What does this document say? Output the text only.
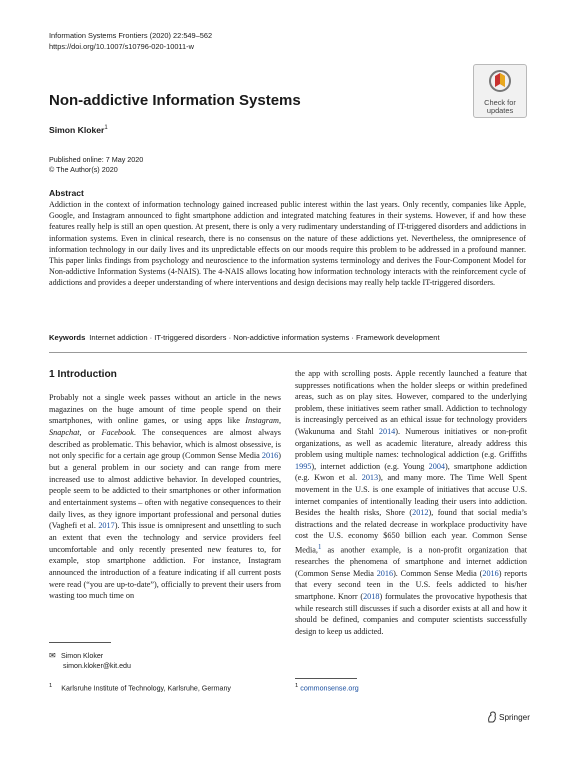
Information Systems Frontiers (2020) 22:549–562
https://doi.org/10.1007/s10796-020-10011-w
Check for
updates
Non-addictive Information Systems
Simon Kloker$^1$
Published online: 7 May 2020
© The Author(s) 2020
Abstract
Addiction in the context of information technology gained increased public interest within the last years. Only recently, companies like Apple, Google, and Instagram announced to fight smartphone addiction and integrated matching features in their systems. However, if and how these features really help is still an open question. At present, there is only a very rudimentary understanding of IT-triggered disorders and addictions in information systems. Even in clinical research, there is no consensus on the nature of these addictions yet. Nevertheless, the omnipresence of information technology in our daily lives and its unpredictable effects on our moods require this problem to be addressed in a profound manner. This paper links findings from psychology and neuroscience to the information systems terminology and derives the Four-Component Model for Non-addictive Information Systems (4-NAIS). The 4-NAIS allows locating how information technology interacts with the reinforcement cycle of addictions and provides a deeper understanding of where interventions and design decisions may really help tackle IT-triggered disorders.
Keywords Internet addiction · IT-triggered disorders · Non-addictive information systems · Framework development
1 Introduction
Probably not a single week passes without an article in the news magazines on the huge amount of time people spend on their smartphones, with online games, or using apps like Instagram, Snapchat, or Facebook. The consequences are almost always described as problematic. This behavior, which is almost obsessive, is not only specific for a certain age group (Common Sense Media 2016) but a general problem in our society and can range from mere increased use to almost addictive behavior. In developed countries, people seem to be addicted to their smartphones or other information and entertainment systems – often with negative consequences to their daily lives, as they ignore important professional and personal duties (Vaghefi et al. 2017). This issue is omnipresent and unsettling to such an extent that even the technology and service providers feel uncomfortable and only recently presented new features to, for example, stop smartphone addiction. For instance, Instagram announced the introduction of a feature indicating if all current posts were read (“you are up-to-date”), officially to prevent their users from wasting too much time on
the app with scrolling posts. Apple recently launched a feature that suppresses notifications when the holder sleeps or within predefined areas, such as on play sites. However, compared to the underlying problem, these initiatives seem rather small. Addiction to technology is increasingly perceived as an ethical issue for technology providers (Wakunuma and Stahl 2014). Numerous initiatives or non-profit organizations, as well as academic literature, already address this problem using multiple names: technological addiction (e.g. Griffiths 1995), internet addiction (e.g. Young 2004), smartphone addiction (e.g. Kwon et al. 2013), and many more. The Time Well Spent movement in the U.S. is one example of initiatives that accuse U.S. internet companies of intentionally leading their users into addiction. Besides the health risks, Shore (2012), found that social media’s distractions and the related decrease in workplace productivity have cost the U.S. economy $650 billion each year. Common Sense Media,$^1$ as another example, is a non-profit organization that researches the phenomena of smartphone and internet addiction (Common Sense Media 2016). Common Sense Media (2016) reports that every second teen in the U.S. feels addicted to his/her smartphone. Knorr (2018) formulates the provocative hypothesis that while research still discusses if such a disorder exists at all and how it should be defined, companies and computer scientists successfully design to keep us addicted.
✉ Simon Kloker
simon.kloker@kit.edu
$^1$ Karlsruhe Institute of Technology, Karlsruhe, Germany	$^1$ commonsense.org
Springer
